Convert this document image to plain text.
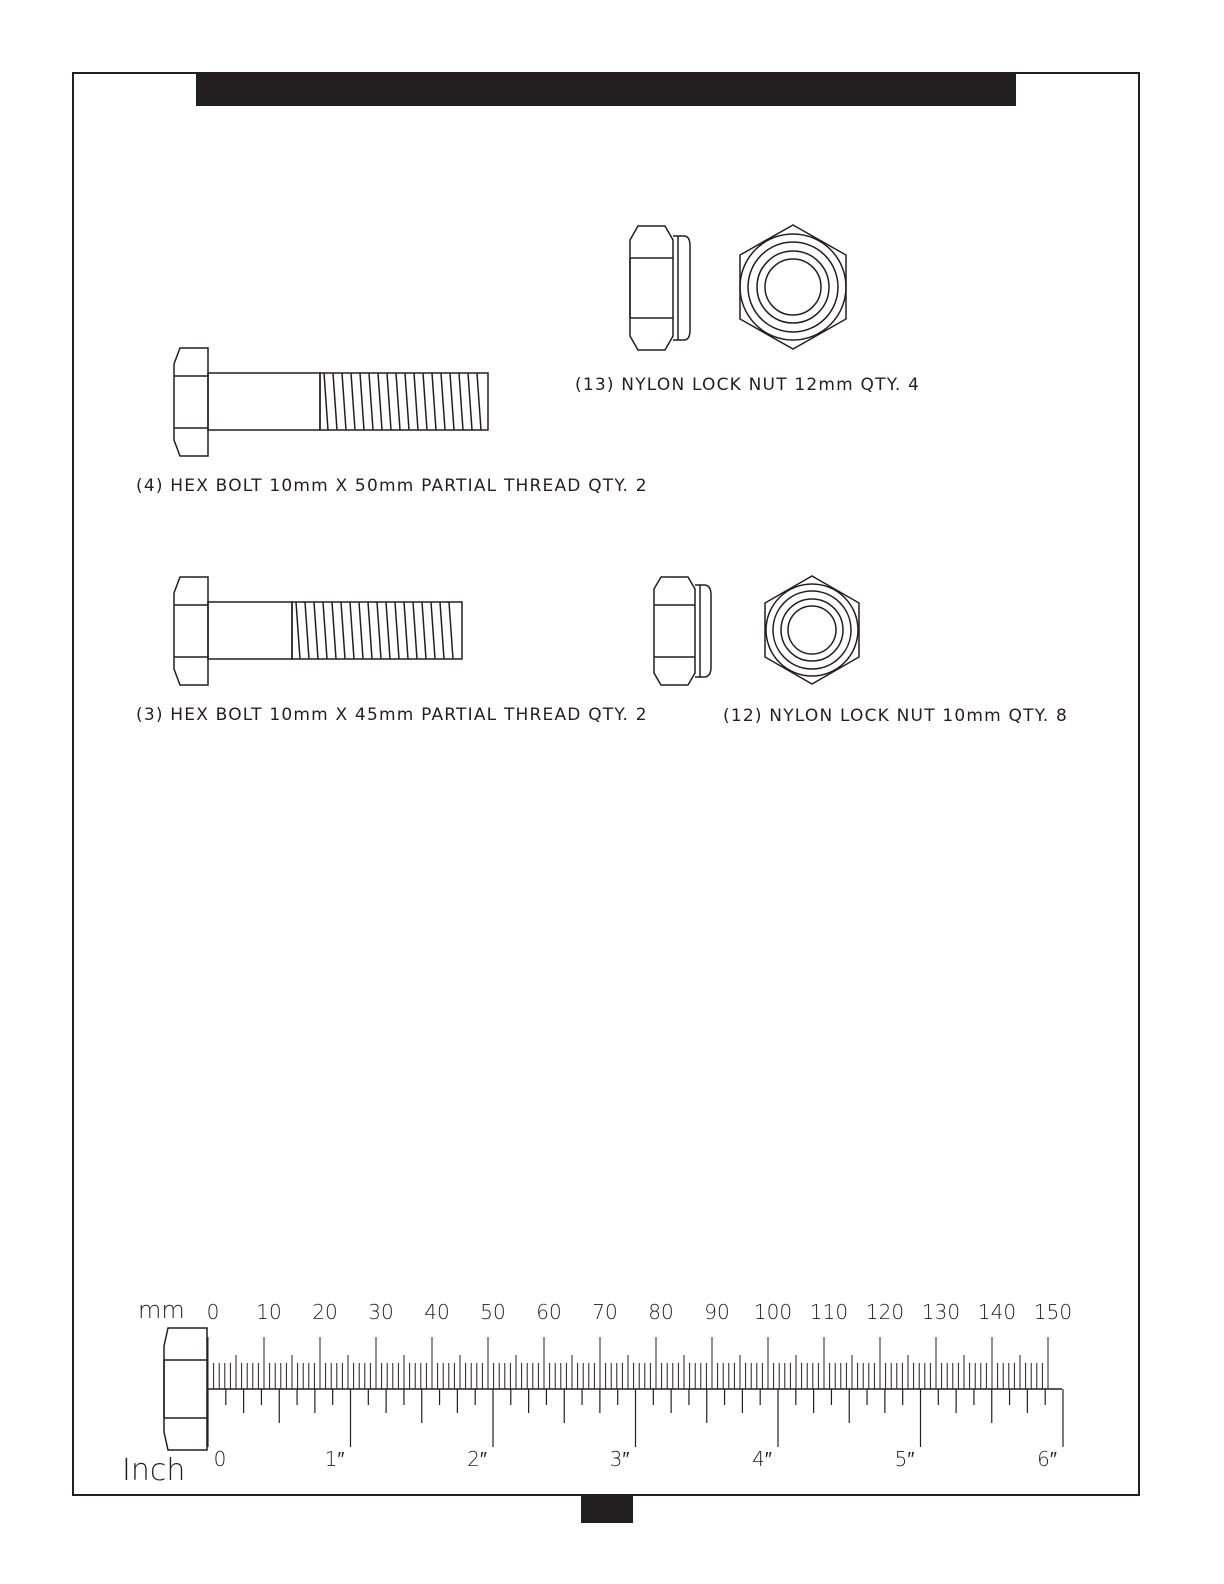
(13) NYLON LOCK NUT 12mm QTY. 4
(4) HEX BOLT 10mm X 50mm PARTIAL THREAD QTY. 2
(3) HEX BOLT 10mm X 45mm PARTIAL THREAD QTY. 2	(12) NYLON LOCK NUT 10mm QTY. 8
0 10 20 30 40 50 60 70 80 90 100 110 120 130 140 150
0	1″	2″	3″	4″	5″	6″
mm
Inch
